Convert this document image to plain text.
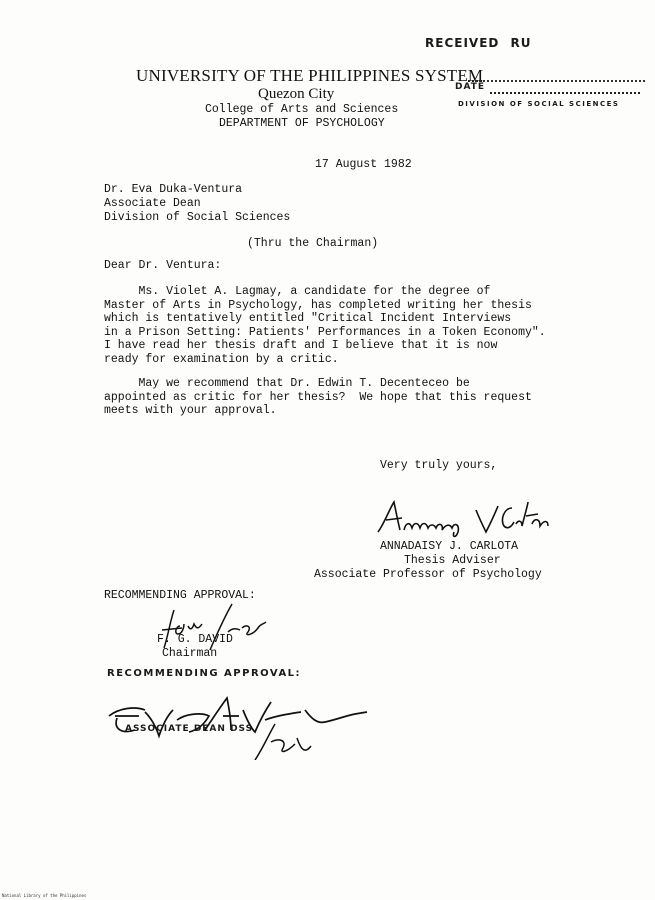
RECEIVED RU
DATE
DIVISION OF SOCIAL SCIENCES
UNIVERSITY OF THE PHILIPPINES SYSTEM
Quezon City
College of Arts and Sciences
DEPARTMENT OF PSYCHOLOGY
17 August 1982
Dr. Eva Duka-Ventura
Associate Dean
Division of Social Sciences
(Thru the Chairman)
Dear Dr. Ventura:
Ms. Violet A. Lagmay, a candidate for the degree of
Master of Arts in Psychology, has completed writing her thesis
which is tentatively entitled "Critical Incident Interviews
in a Prison Setting: Patients' Performances in a Token Economy".
I have read her thesis draft and I believe that it is now
ready for examination by a critic.
May we recommend that Dr. Edwin T. Decenteceo be
appointed as critic for her thesis?  We hope that this request
meets with your approval.
Very truly yours,
ANNADAISY J. CARLOTA
Thesis Adviser
Associate Professor of Psychology
RECOMMENDING APPROVAL:
F. G. DAVID
Chairman
RECOMMENDING APPROVAL:
ASSOCIATE DEAN DSS
National Library of the Philippines
